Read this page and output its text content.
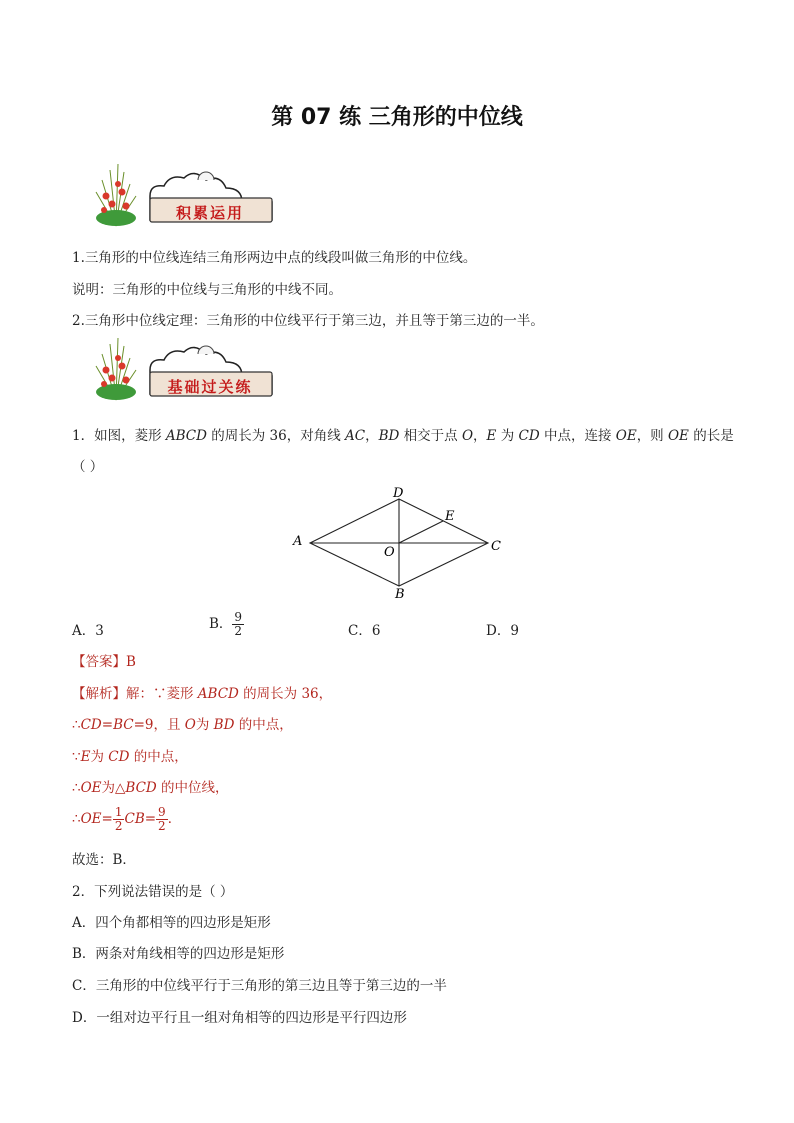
第 07 练 三角形的中位线
积累运用
1.三角形的中位线连结三角形两边中点的线段叫做三角形的中位线。
说明：三角形的中位线与三角形的中线不同。
2.三角形中位线定理：三角形的中位线平行于第三边，并且等于第三边的一半。
基础过关练
1．如图，菱形 ABCD 的周长为 36，对角线 AC，BD 相交于点 O，E 为 CD 中点，连接 OE，则 OE 的长是
（ ）
A
D
E
C
O
B
A．3	B． $\frac{9}{2}$	C．6	D．9
【答案】B
【解析】解：∵菱形 ABCD 的周长为 36，
∴CD=BC=9，且 O为 BD 的中点，
∵E为 CD 的中点，
∴OE为△BCD 的中位线，
∴OE= $\frac{1}{2} CB= \frac{9}{2}$ ．
故选：B．
2．下列说法错误的是（ ）
A．四个角都相等的四边形是矩形
B．两条对角线相等的四边形是矩形
C．三角形的中位线平行于三角形的第三边且等于第三边的一半
D．一组对边平行且一组对角相等的四边形是平行四边形
